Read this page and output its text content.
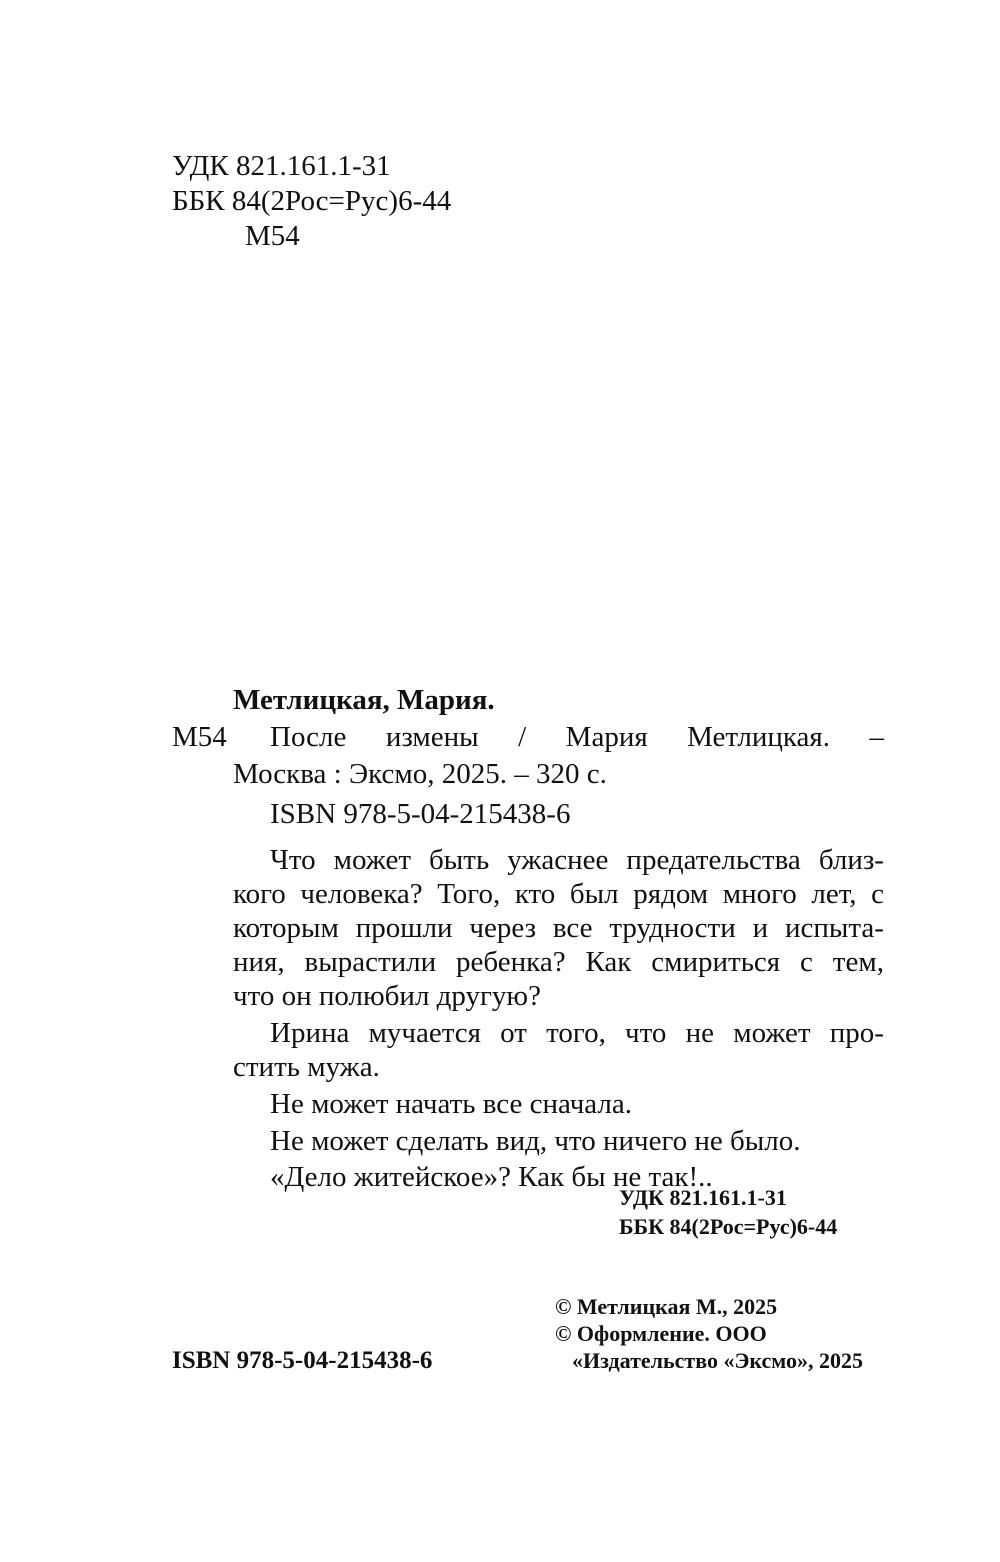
УДК 821.161.1-31
ББК 84(2Рос=Рус)6-44
М54
Метлицкая, Мария.
М54 После измены / Мария Метлицкая. –
Москва : Эксмо, 2025. – 320 с.
ISBN 978-5-04-215438-6
Что может быть ужаснее предательства близ-
кого человека? Того, кто был рядом много лет, с
которым прошли через все трудности и испыта-
ния, вырастили ребенка? Как смириться с тем,
что он полюбил другую?
Ирина мучается от того, что не может про-
стить мужа.
Не может начать все сначала.
Не может сделать вид, что ничего не было.
«Дело житейское»? Как бы не так!..
УДК 821.161.1-31
ББК 84(2Рос=Рус)6-44
© Метлицкая М., 2025
© Оформление. ООО
ISBN 978-5-04-215438-6	«Издательство «Эксмо», 2025
